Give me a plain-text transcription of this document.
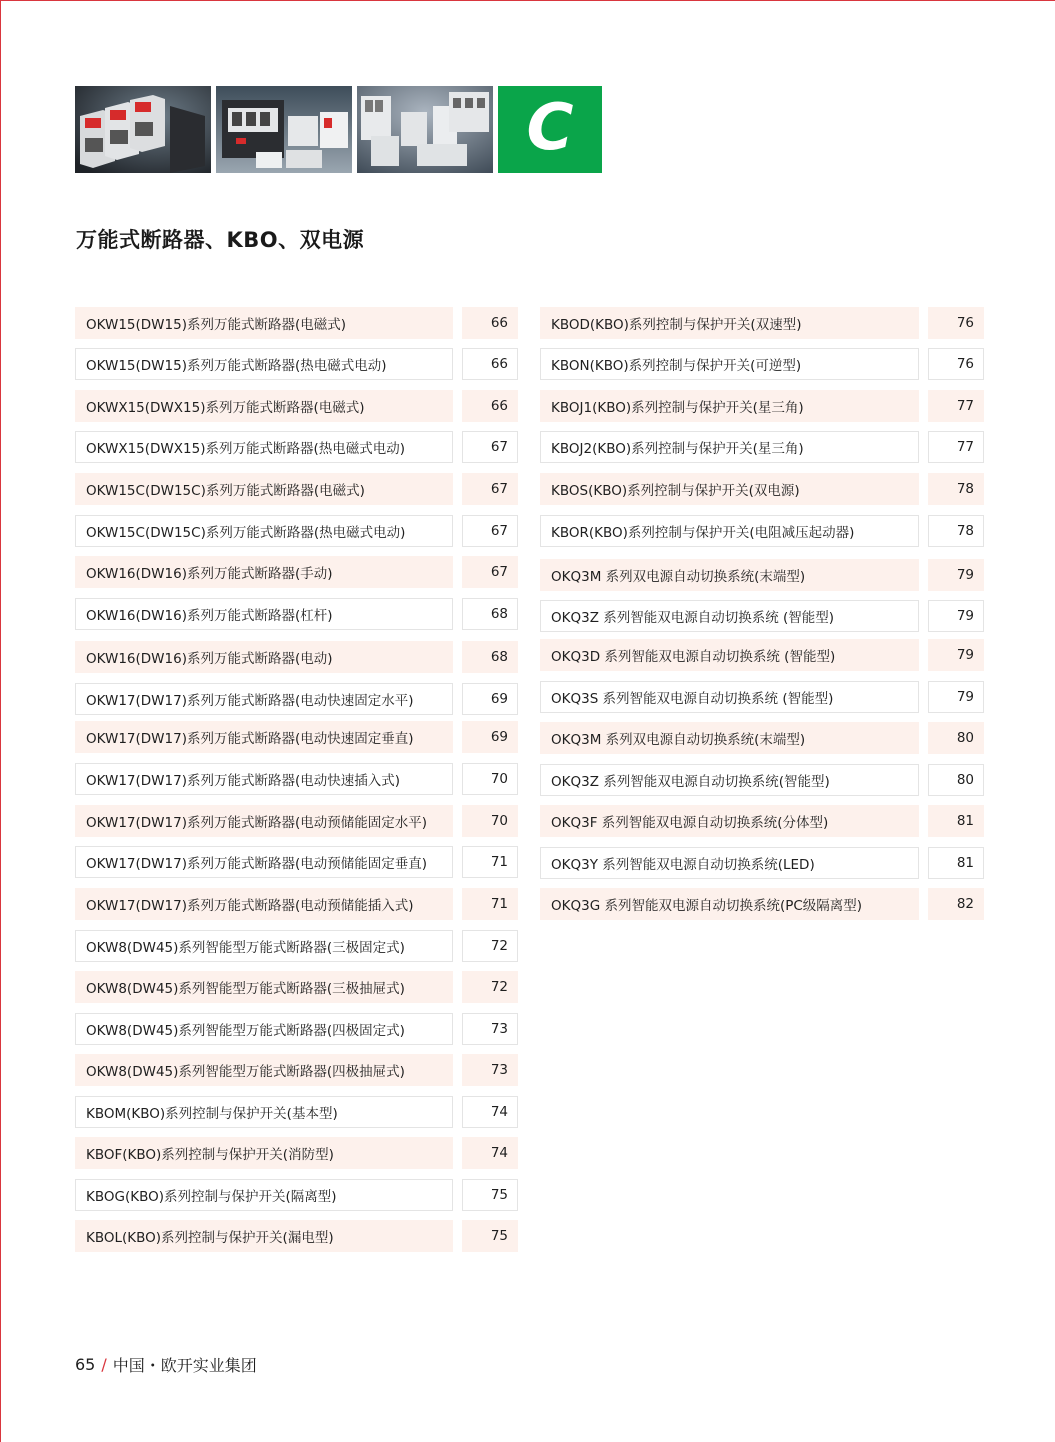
C
万能式断路器、KBO、双电源
OKW15(DW15)系列万能式断路器(电磁式)	66
OKW15(DW15)系列万能式断路器(热电磁式电动)	66
OKWX15(DWX15)系列万能式断路器(电磁式)	66
OKWX15(DWX15)系列万能式断路器(热电磁式电动)	67
OKW15C(DW15C)系列万能式断路器(电磁式)	67
OKW15C(DW15C)系列万能式断路器(热电磁式电动)	67
OKW16(DW16)系列万能式断路器(手动)	67
OKW16(DW16)系列万能式断路器(杠杆)	68
OKW16(DW16)系列万能式断路器(电动)	68
OKW17(DW17)系列万能式断路器(电动快速固定水平)	69
OKW17(DW17)系列万能式断路器(电动快速固定垂直)	69
OKW17(DW17)系列万能式断路器(电动快速插入式)	70
OKW17(DW17)系列万能式断路器(电动预储能固定水平)	70
OKW17(DW17)系列万能式断路器(电动预储能固定垂直)	71
OKW17(DW17)系列万能式断路器(电动预储能插入式)	71
OKW8(DW45)系列智能型万能式断路器(三极固定式)	72
OKW8(DW45)系列智能型万能式断路器(三极抽屉式)	72
OKW8(DW45)系列智能型万能式断路器(四极固定式)	73
OKW8(DW45)系列智能型万能式断路器(四极抽屉式)	73
KBOM(KBO)系列控制与保护开关(基本型)	74
KBOF(KBO)系列控制与保护开关(消防型)	74
KBOG(KBO)系列控制与保护开关(隔离型)	75
KBOL(KBO)系列控制与保护开关(漏电型)	75
KBOD(KBO)系列控制与保护开关(双速型)	76
KBON(KBO)系列控制与保护开关(可逆型)	76
KBOJ1(KBO)系列控制与保护开关(星三角)	77
KBOJ2(KBO)系列控制与保护开关(星三角)	77
KBOS(KBO)系列控制与保护开关(双电源)	78
KBOR(KBO)系列控制与保护开关(电阻减压起动器)	78
OKQ3M 系列双电源自动切换系统(末端型)	79
OKQ3Z 系列智能双电源自动切换系统 (智能型)	79
OKQ3D 系列智能双电源自动切换系统 (智能型)	79
OKQ3S 系列智能双电源自动切换系统 (智能型)	79
OKQ3M 系列双电源自动切换系统(末端型)	80
OKQ3Z 系列智能双电源自动切换系统(智能型)	80
OKQ3F 系列智能双电源自动切换系统(分体型)	81
OKQ3Y 系列智能双电源自动切换系统(LED)	81
OKQ3G 系列智能双电源自动切换系统(PC级隔离型)	82
65 / 中国・欧开实业集团
